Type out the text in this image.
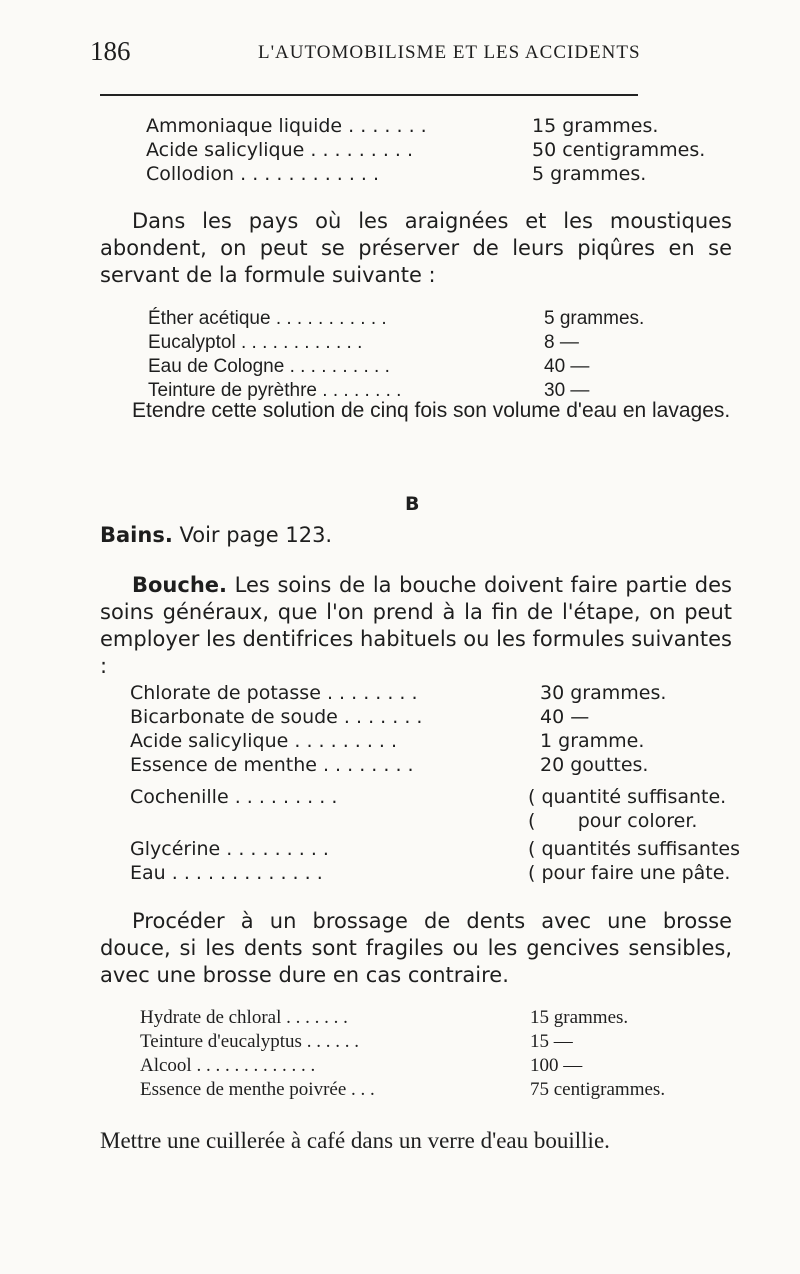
186	L'AUTOMOBILISME ET LES ACCIDENTS
Ammoniaque liquide . . . . . . .	15 grammes.
Acide salicylique . . . . . . . . .	50 centigrammes.
Collodion . . . . . . . . . . . .	5 grammes.
Dans les pays où les araignées et les moustiques abondent, on peut se préserver de leurs piqûres en se servant de la formule suivante :
Éther acétique . . . . . . . . . . .	5 grammes.
Eucalyptol . . . . . . . . . . . .	8 —
Eau de Cologne . . . . . . . . . .	40 —
Teinture de pyrèthre . . . . . . . .	30 —
Etendre cette solution de cinq fois son volume d'eau en lavages.
B
Bains. Voir page 123.
Bouche. Les soins de la bouche doivent faire partie des soins généraux, que l'on prend à la fin de l'étape, on peut employer les dentifrices habituels ou les formules suivantes :
Chlorate de potasse . . . . . . . .	30 grammes.
Bicarbonate de soude . . . . . . .	40 —
Acide salicylique . . . . . . . . .	1 gramme.
Essence de menthe . . . . . . . .	20 gouttes.
Cochenille . . . . . . . . .	( quantité suffisante.
(       pour colorer.
Glycérine . . . . . . . . .	( quantités suffisantes
Eau . . . . . . . . . . . . .	( pour faire une pâte.
Procéder à un brossage de dents avec une brosse douce, si les dents sont fragiles ou les gencives sensibles, avec une brosse dure en cas contraire.
Hydrate de chloral . . . . . . .	15 grammes.
Teinture d'eucalyptus . . . . . .	15 —
Alcool . . . . . . . . . . . . .	100 —
Essence de menthe poivrée . . .	75 centigrammes.
Mettre une cuillerée à café dans un verre d'eau bouillie.
